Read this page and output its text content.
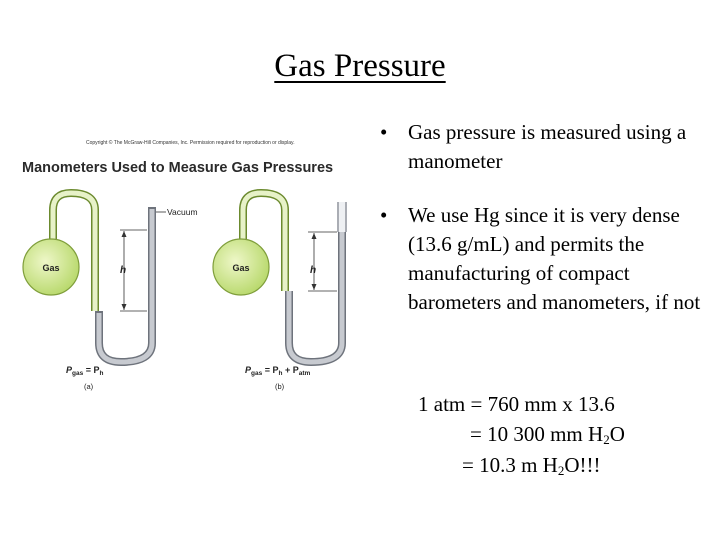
Gas Pressure
• Gas pressure is measured using a manometer
• We use Hg since it is very dense (13.6 g/mL) and permits the manufacturing of compact barometers and manometers, if not
1 atm = 760 mm x 13.6
= 10 300 mm $H_2O$
= 10.3 m $H_2O$!!!
Copyright © The McGraw-Hill Companies, Inc. Permission required for reproduction or display.
Manometers Used to Measure Gas Pressures
Gas	Gas
h	h
Vacuum
$P_{gas} = P_h$	$P_{gas} = P_h + P_{atm}$
(a)	(b)
